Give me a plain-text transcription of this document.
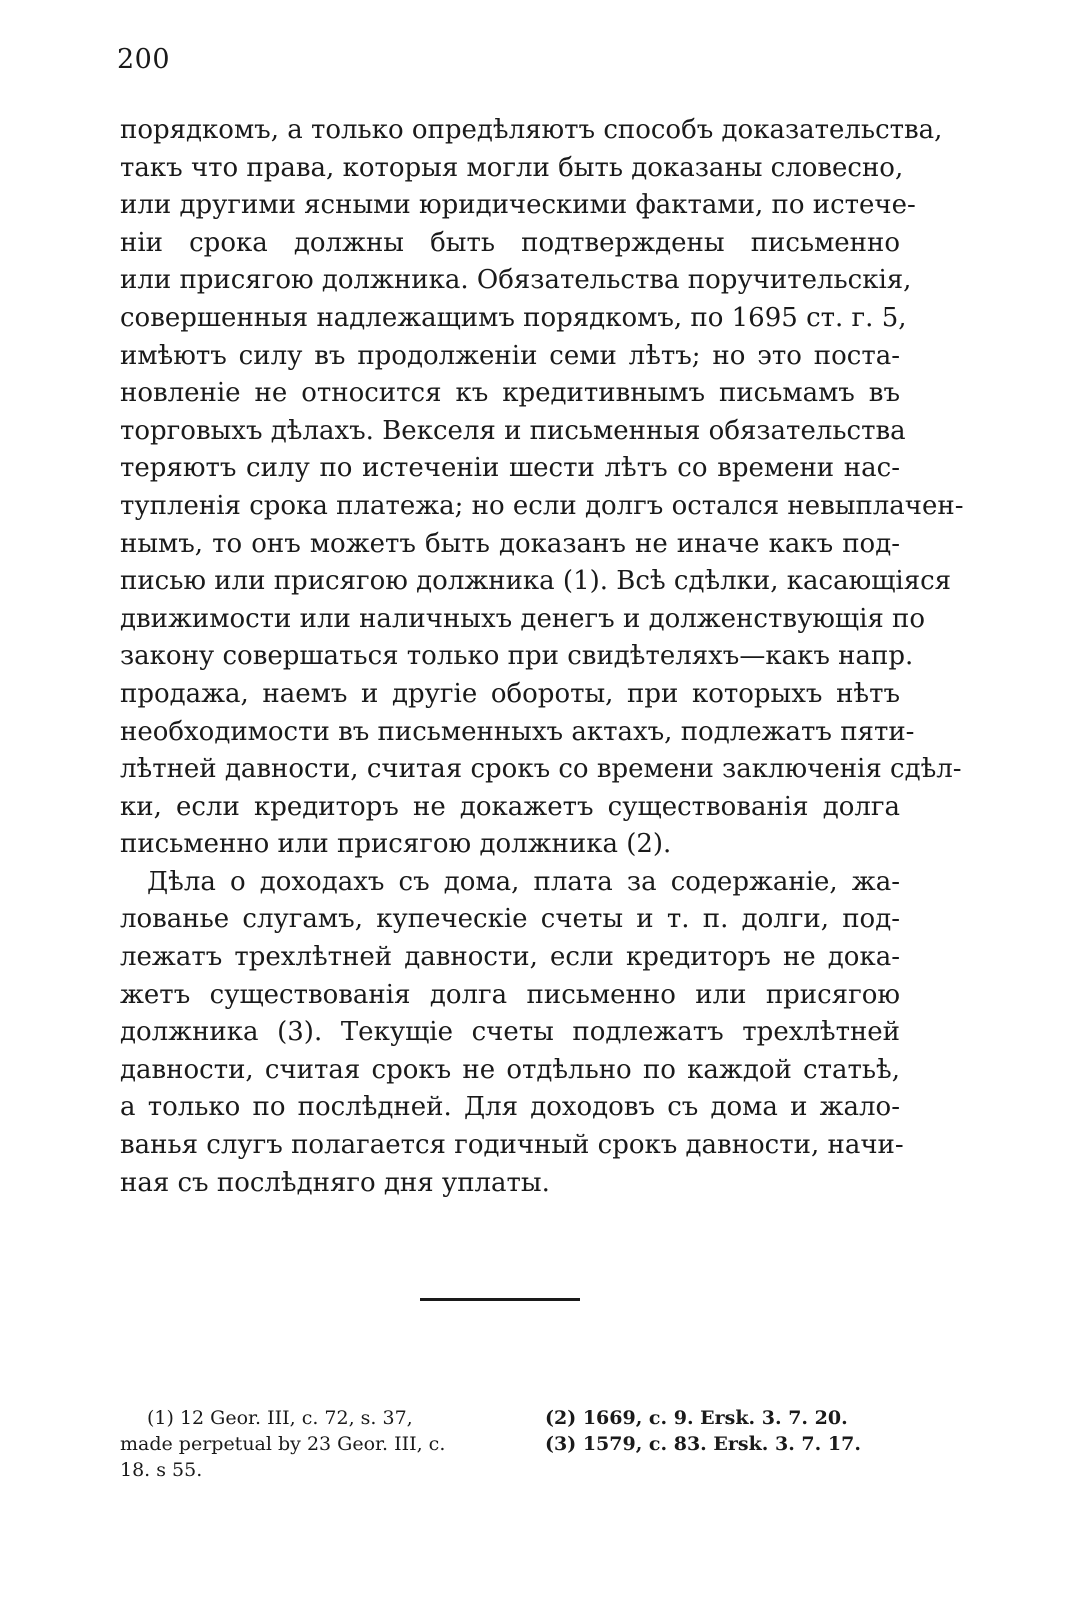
200
порядкомъ, а только опредѣляютъ способъ доказательства,
такъ что права, которыя могли быть доказаны словесно,
или другими ясными юридическими фактами, по истече-
ніи срока должны быть подтверждены письменно
или присягою должника. Обязательства поручительскія,
совершенныя надлежащимъ порядкомъ, по 1695 ст. г. 5,
имѣютъ силу въ продолженіи семи лѣтъ; но это поста-
новленіе не относится къ кредитивнымъ письмамъ въ
торговыхъ дѣлахъ. Векселя и письменныя обязательства
теряютъ силу по истеченіи шести лѣтъ со времени нас-
тупленія срока платежа; но если долгъ остался невыплачен-
нымъ, то онъ можетъ быть доказанъ не иначе какъ под-
писью или присягою должника (1). Всѣ сдѣлки, касающіяся
движимости или наличныхъ денегъ и долженствующія по
закону совершаться только при свидѣтеляхъ—какъ напр.
продажа, наемъ и другіе обороты, при которыхъ нѣтъ
необходимости въ письменныхъ актахъ, подлежатъ пяти-
лѣтней давности, считая срокъ со времени заключенія сдѣл-
ки, если кредиторъ не докажетъ существованія долга
письменно или присягою должника (2).
Дѣла о доходахъ съ дома, плата за содержаніе, жа-
лованье слугамъ, купеческіе счеты и т. п. долги, под-
лежатъ трехлѣтней давности, если кредиторъ не дока-
жетъ существованія долга письменно или присягою
должника (3). Текущіе счеты подлежатъ трехлѣтней
давности, считая срокъ не отдѣльно по каждой статьѣ,
а только по послѣдней. Для доходовъ съ дома и жало-
ванья слугъ полагается годичный срокъ давности, начи-
ная съ послѣдняго дня уплаты.
(1) 12 Geor. III, c. 72, s. 37,
made perpetual by 23 Geor. III, c.
18. s 55.
(2) 1669, c. 9. Ersk. 3. 7. 20.
(3) 1579, c. 83. Ersk. 3. 7. 17.
